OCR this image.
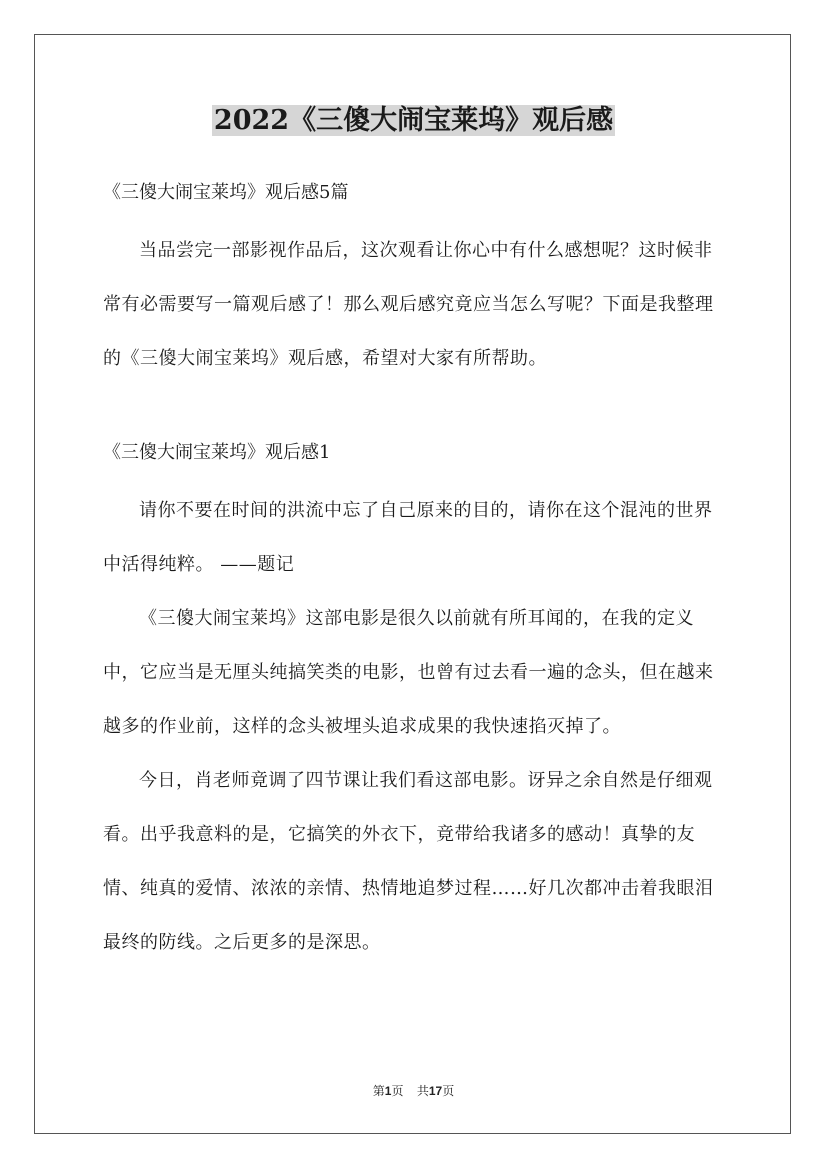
2022《三傻大闹宝莱坞》观后感

《三傻大闹宝莱坞》观后感5篇

当品尝完一部影视作品后，这次观看让你心中有什么感想呢？这时候非常有必需要写一篇观后感了！那么观后感究竟应当怎么写呢？下面是我整理的《三傻大闹宝莱坞》观后感，希望对大家有所帮助。

《三傻大闹宝莱坞》观后感1

请你不要在时间的洪流中忘了自己原来的目的，请你在这个混沌的世界中活得纯粹。 ——题记

《三傻大闹宝莱坞》这部电影是很久以前就有所耳闻的，在我的定义中，它应当是无厘头纯搞笑类的电影，也曾有过去看一遍的念头，但在越来越多的作业前，这样的念头被埋头追求成果的我快速掐灭掉了。

今日，肖老师竟调了四节课让我们看这部电影。讶异之余自然是仔细观看。出乎我意料的是，它搞笑的外衣下，竟带给我诸多的感动！真挚的友情、纯真的爱情、浓浓的亲情、热情地追梦过程……好几次都冲击着我眼泪最终的防线。之后更多的是深思。

第1页 共17页
